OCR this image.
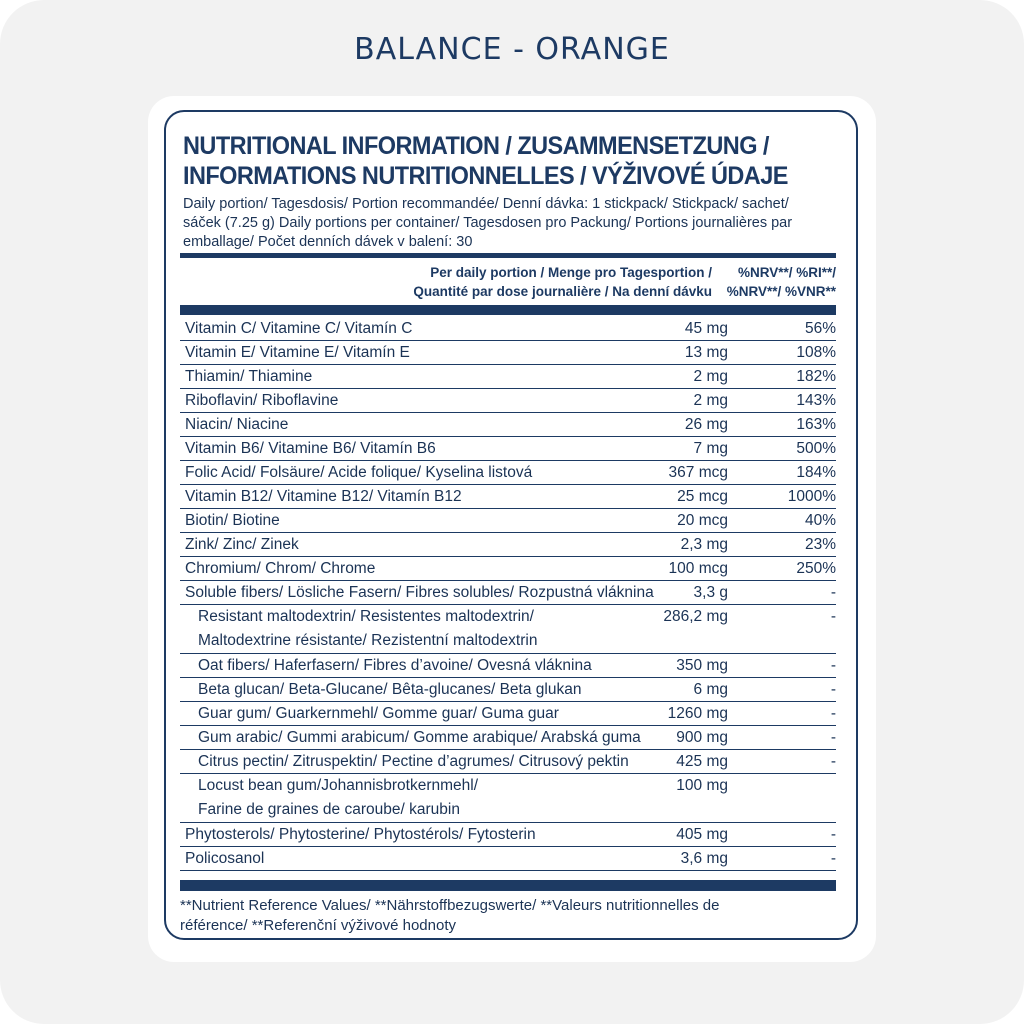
BALANCE - ORANGE
NUTRITIONAL INFORMATION / ZUSAMMENSETZUNG /
INFORMATIONS NUTRITIONNELLES / VÝŽIVOVÉ ÚDAJE
Daily portion/ Tagesdosis/ Portion recommandée/ Denní dávka: 1 stickpack/ Stickpack/ sachet/
sáček (7.25 g) Daily portions per container/ Tagesdosen pro Packung/ Portions journalières par
emballage/ Počet denních dávek v balení: 30
Per daily portion / Menge pro Tagesportion /
Quantité par dose journalière / Na denní dávku
%NRV**/ %RI**/
%NRV**/ %VNR**
Vitamin C/ Vitamine C/ Vitamín C	45 mg	56%
Vitamin E/ Vitamine E/ Vitamín E	13 mg	108%
Thiamin/ Thiamine	2 mg	182%
Riboflavin/ Riboflavine	2 mg	143%
Niacin/ Niacine	26 mg	163%
Vitamin B6/ Vitamine B6/ Vitamín B6	7 mg	500%
Folic Acid/ Folsäure/ Acide folique/ Kyselina listová	367 mcg	184%
Vitamin B12/ Vitamine B12/ Vitamín B12	25 mcg	1000%
Biotin/ Biotine	20 mcg	40%
Zink/ Zinc/ Zinek	2,3 mg	23%
Chromium/ Chrom/ Chrome	100 mcg	250%
Soluble fibers/ Lösliche Fasern/ Fibres solubles/ Rozpustná vláknina	3,3 g	-
Resistant maltodextrin/ Resistentes maltodextrin/
Maltodextrine résistante/ Rezistentní maltodextrin
286,2 mg	-
Oat fibers/ Haferfasern/ Fibres d’avoine/ Ovesná vláknina	350 mg	-
Beta glucan/ Beta-Glucane/ Bêta-glucanes/ Beta glukan	6 mg	-
Guar gum/ Guarkernmehl/ Gomme guar/ Guma guar	1260 mg	-
Gum arabic/ Gummi arabicum/ Gomme arabique/ Arabská guma 900 mg	-
Citrus pectin/ Zitruspektin/ Pectine d’agrumes/ Citrusový pektin	425 mg	-
Locust bean gum/Johannisbrotkernmehl/
Farine de graines de caroube/ karubin
100 mg
Phytosterols/ Phytosterine/ Phytostérols/ Fytosterin	405 mg	-
Policosanol	3,6 mg	-
**Nutrient Reference Values/ **Nährstoffbezugswerte/ **Valeurs nutritionnelles de
référence/ **Referenční výživové hodnoty
